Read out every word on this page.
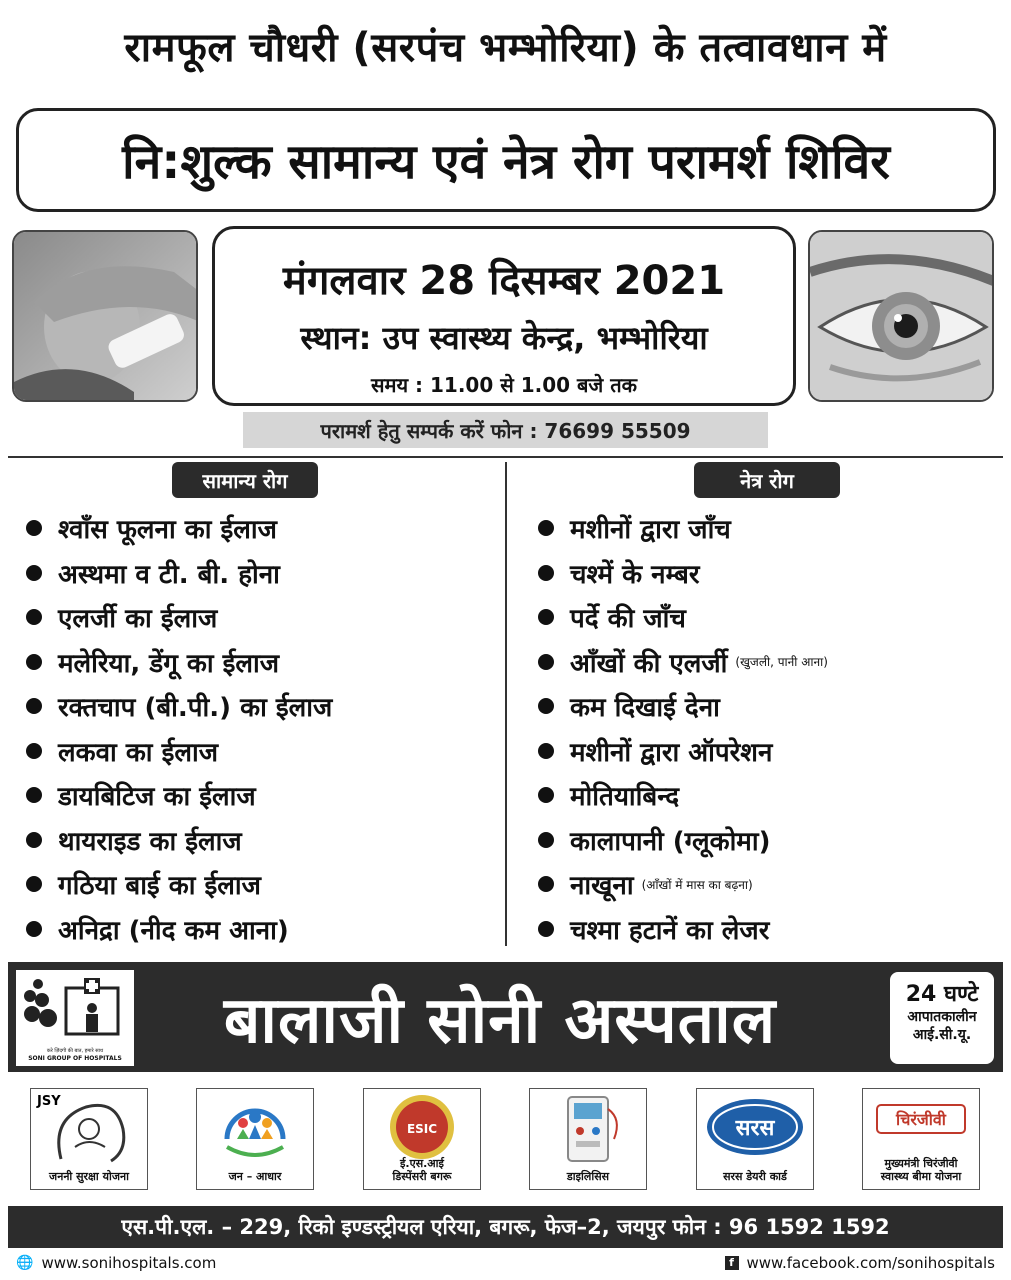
रामफूल चौधरी (सरपंच भम्भोरिया) के तत्वावधान में
नि:शुल्क सामान्य एवं नेत्र रोग परामर्श शिविर
मंगलवार 28 दिसम्बर 2021
स्थान: उप स्वास्थ्य केन्द्र, भम्भोरिया
समय : 11.00 से 1.00 बजे तक
परामर्श हेतु सम्पर्क करें फोन : 76699 55509
सामान्य रोग	नेत्र रोग
श्वाँस फूलना का ईलाज
अस्थमा व टी. बी. होना
एलर्जी का ईलाज
मलेरिया, डेंगू का ईलाज
रक्तचाप (बी.पी.) का ईलाज
लकवा का ईलाज
डायबिटिज का ईलाज
थायराइड का ईलाज
गठिया बाई का ईलाज
अनिद्रा (नीद कम आना)
मशीनों द्वारा जाँच
चश्में के नम्बर
पर्दे की जाँच
आँखों की एलर्जी (खुजली, पानी आना)
कम दिखाई देना
मशीनों द्वारा ऑपरेशन
मोतियाबिन्द
कालापानी (ग्लूकोमा)
नाखूना (आँखों में मास का बढ़ना)
चश्मा हटानें का लेजर
करे ज़िंदगी की बात, हमारे साथ
SONI GROUP OF HOSPITALS
बालाजी सोनी अस्पताल	24 घण्टे
आपातकालीन
आई.सी.यू.
JSY
जननी सुरक्षा योजना	जन – आधार
ESIC
ई.एस.आई
डिस्पेंसरी बगरू	डाइलिसिस
सरस
सरस डेयरी कार्ड
चिरंजीवी
मुख्यमंत्री चिरंजीवी
स्वास्थ्य बीमा योजना
एस.पी.एल. – 229, रिको इण्डस्ट्रीयल एरिया, बगरू, फेज–2, जयपुर फोन : 96 1592 1592
🌐 www.sonihospitals.com	f www.facebook.com/sonihospitals
